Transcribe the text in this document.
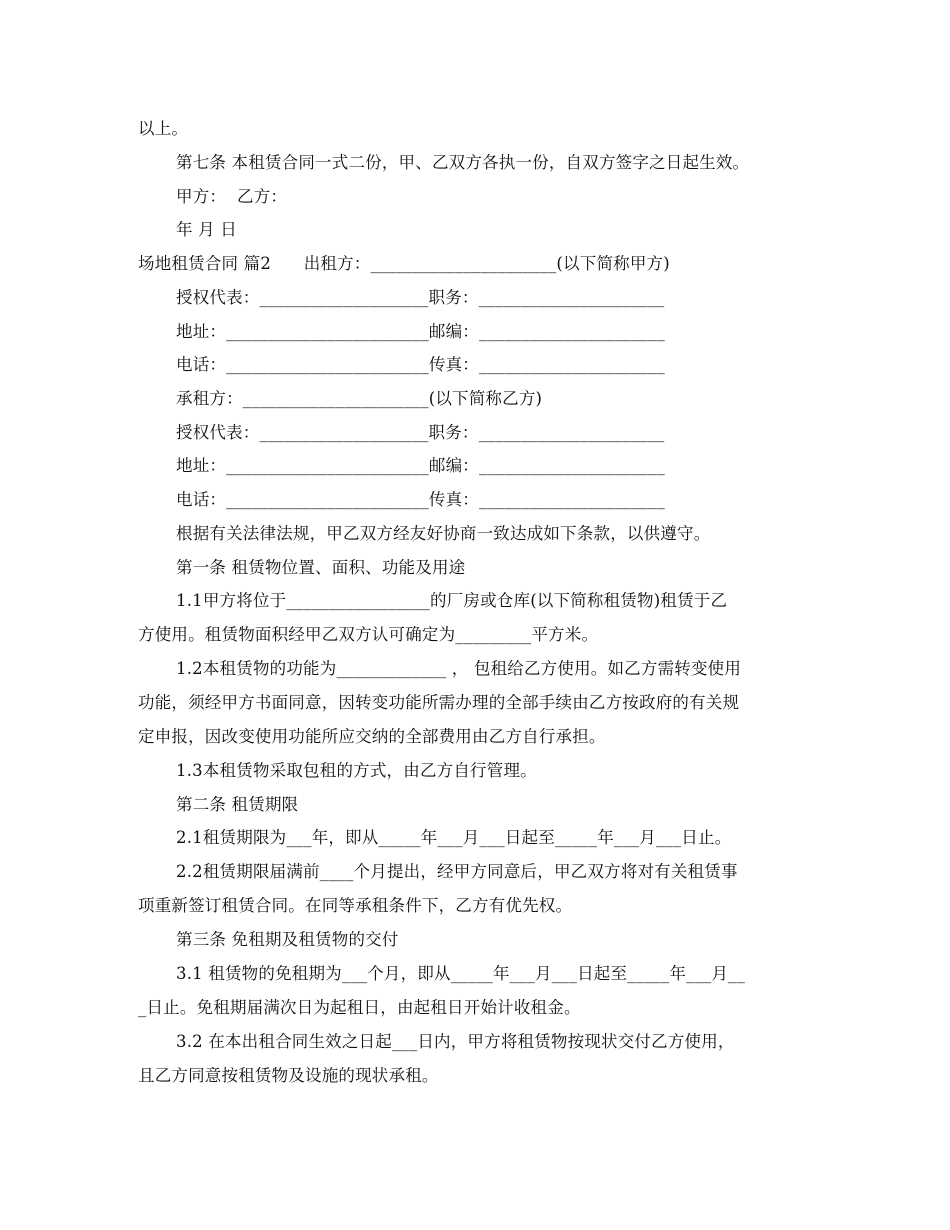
以上。
第七条 本租赁合同一式二份，甲、乙双方各执一份，自双方签字之日起生效。
甲方：  乙方：
年 月 日
场地租赁合同 篇2      出租方：______________________(以下简称甲方)
授权代表：____________________职务：______________________
地址：________________________邮编：______________________
电话：________________________传真：______________________
承租方：______________________(以下简称乙方)
授权代表：____________________职务：______________________
地址：________________________邮编：______________________
电话：________________________传真：______________________
根据有关法律法规，甲乙双方经友好协商一致达成如下条款，以供遵守。
第一条 租赁物位置、面积、功能及用途
1.1甲方将位于_________________的厂房或仓库(以下简称租赁物)租赁于乙
方使用。租赁物面积经甲乙双方认可确定为_________平方米。
1.2本租赁物的功能为_____________ ， 包租给乙方使用。如乙方需转变使用
功能，须经甲方书面同意，因转变功能所需办理的全部手续由乙方按政府的有关规
定申报，因改变使用功能所应交纳的全部费用由乙方自行承担。
1.3本租赁物采取包租的方式，由乙方自行管理。
第二条 租赁期限
2.1租赁期限为___年，即从_____年___月___日起至_____年___月___日止。
2.2租赁期限届满前____个月提出，经甲方同意后，甲乙双方将对有关租赁事
项重新签订租赁合同。在同等承租条件下，乙方有优先权。
第三条 免租期及租赁物的交付
3.1 租赁物的免租期为___个月，即从_____年___月___日起至_____年___月__
_日止。免租期届满次日为起租日，由起租日开始计收租金。
3.2 在本出租合同生效之日起___日内，甲方将租赁物按现状交付乙方使用，
且乙方同意按租赁物及设施的现状承租。
